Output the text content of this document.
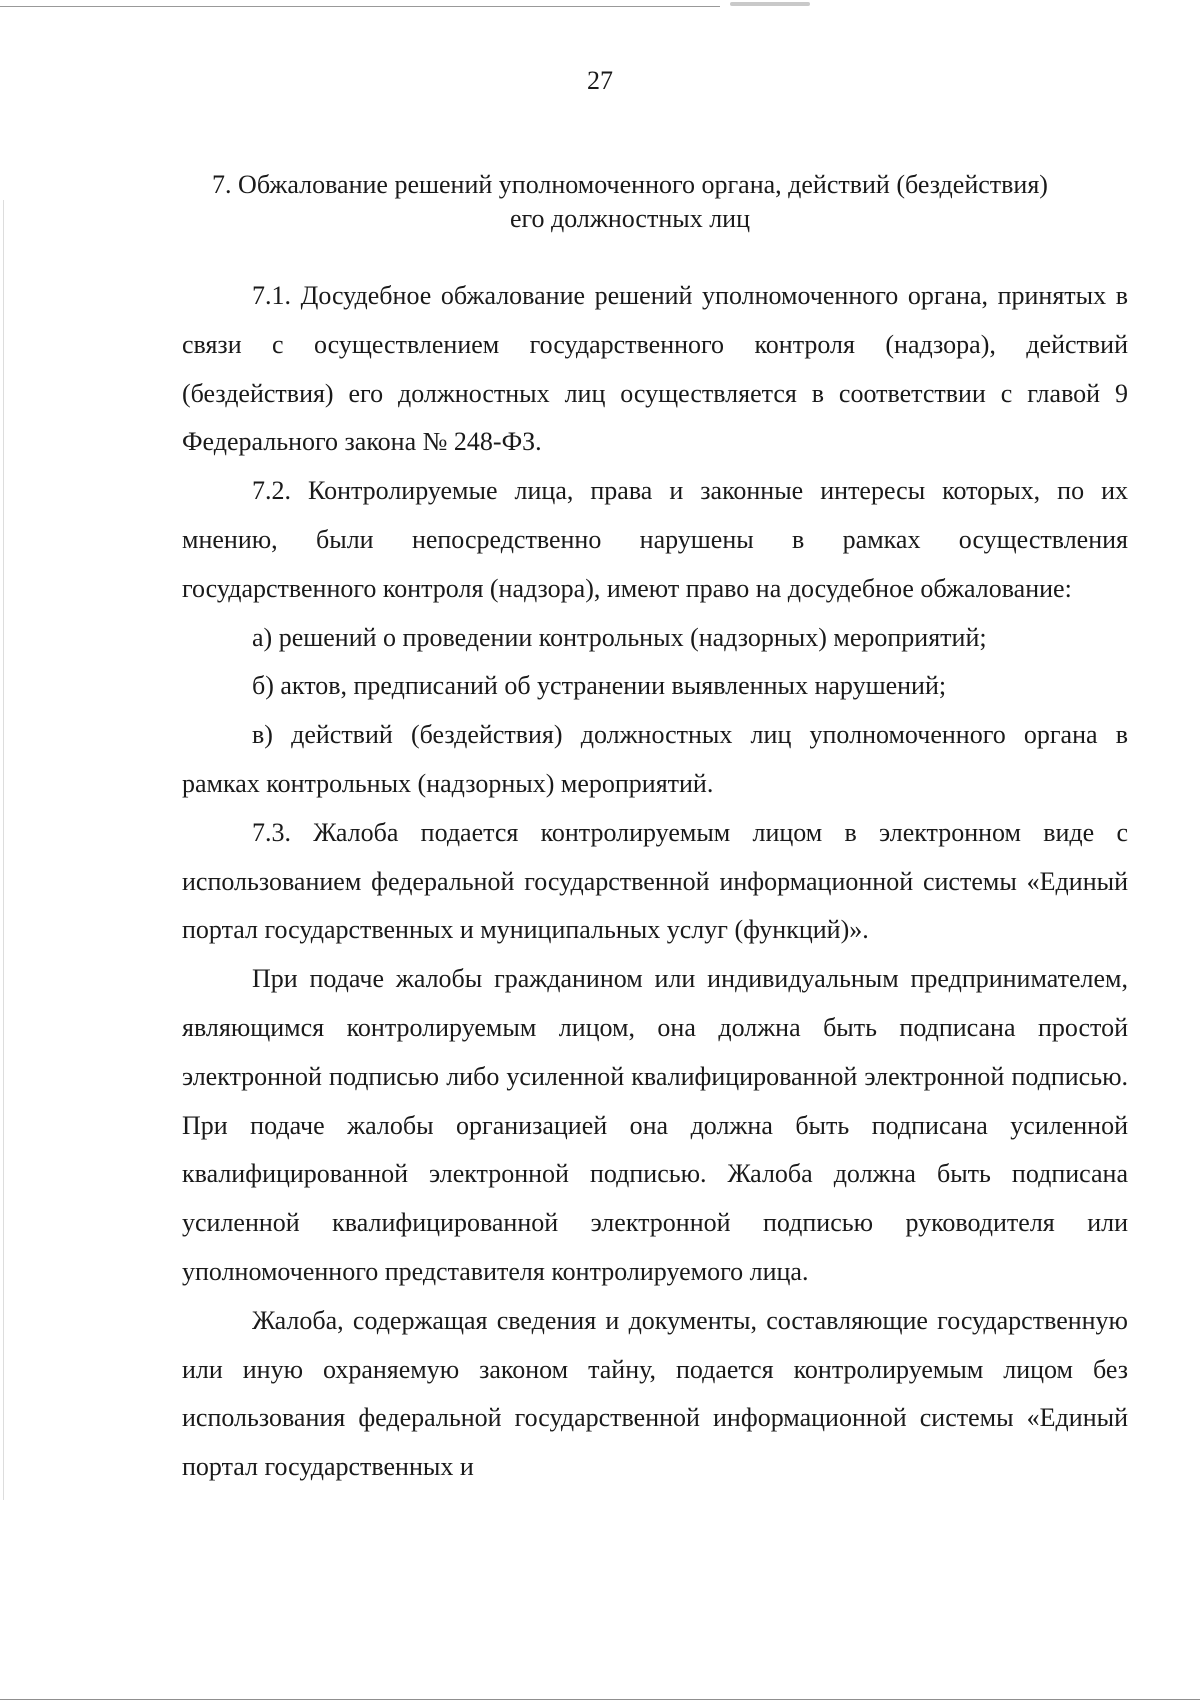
27
7. Обжалование решений уполномоченного органа, действий (бездействия)
его должностных лиц

7.1. Досудебное обжалование решений уполномоченного органа, принятых в связи с осуществлением государственного контроля (надзора), действий (бездействия) его должностных лиц осуществляется в соответствии с главой 9 Федерального закона № 248-ФЗ.

7.2. Контролируемые лица, права и законные интересы которых, по их мнению, были непосредственно нарушены в рамках осуществления государственного контроля (надзора), имеют право на досудебное обжалование:

а) решений о проведении контрольных (надзорных) мероприятий;

б) актов, предписаний об устранении выявленных нарушений;

в) действий (бездействия) должностных лиц уполномоченного органа в рамках контрольных (надзорных) мероприятий.

7.3. Жалоба подается контролируемым лицом в электронном виде с использованием федеральной государственной информационной системы «Единый портал государственных и муниципальных услуг (функций)».

При подаче жалобы гражданином или индивидуальным предпринимателем, являющимся контролируемым лицом, она должна быть подписана простой электронной подписью либо усиленной квалифицированной электронной подписью. При подаче жалобы организацией она должна быть подписана усиленной квалифицированной электронной подписью. Жалоба должна быть подписана усиленной квалифицированной электронной подписью руководителя или уполномоченного представителя контролируемого лица.

Жалоба, содержащая сведения и документы, составляющие государственную или иную охраняемую законом тайну, подается контролируемым лицом без использования федеральной государственной информационной системы «Единый портал государственных и
